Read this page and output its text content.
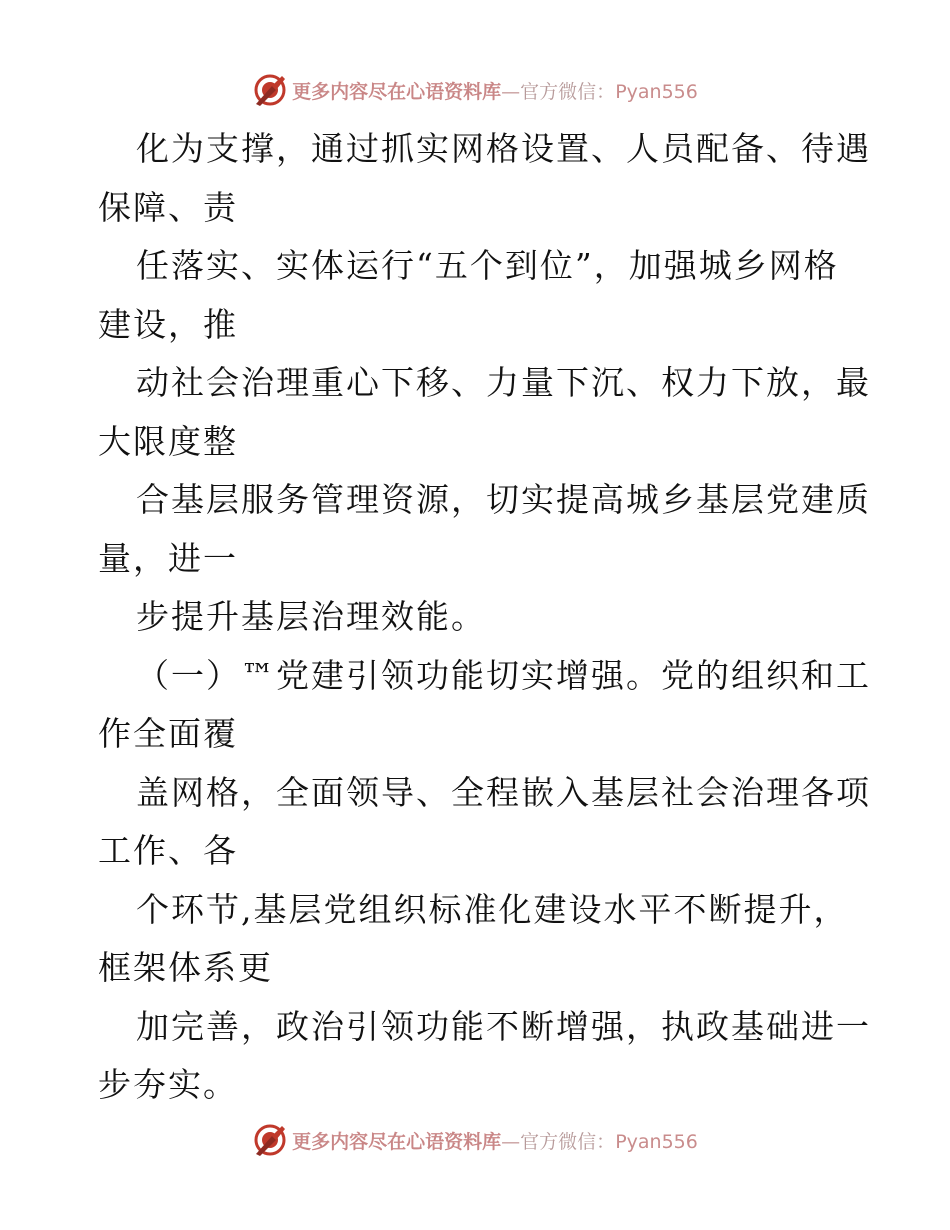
更多内容尽在心语资料库—官方微信：Pyan556
化为支撑，通过抓实网格设置、人员配备、待遇
保障、责
任落实、实体运行“五个到位”，加强城乡网格
建设，推
动社会治理重心下移、力量下沉、权力下放，最
大限度整
合基层服务管理资源，切实提高城乡基层党建质
量，进一
步提升基层治理效能。
（一）™党建引领功能切实增强。党的组织和工
作全面覆
盖网格，全面领导、全程嵌入基层社会治理各项
工作、各
个环节,基层党组织标准化建设水平不断提升，
框架体系更
加完善，政治引领功能不断增强，执政基础进一
步夯实。
更多内容尽在心语资料库—官方微信：Pyan556
